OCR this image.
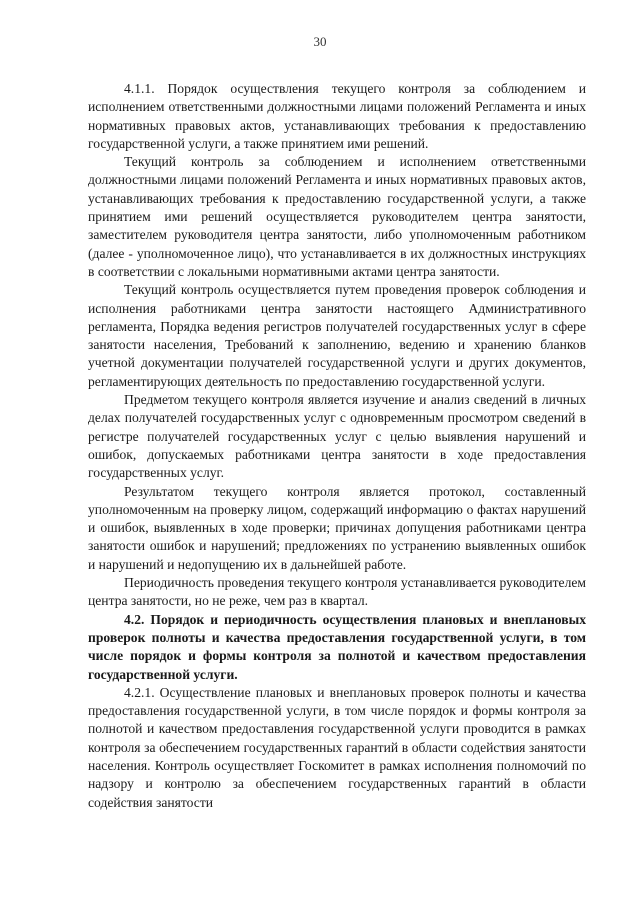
30

4.1.1. Порядок осуществления текущего контроля за соблюдением и исполнением ответственными должностными лицами положений Регламента и иных нормативных правовых актов, устанавливающих требования к предоставлению государственной услуги, а также принятием ими решений.

Текущий контроль за соблюдением и исполнением ответственными должностными лицами положений Регламента и иных нормативных правовых актов, устанавливающих требования к предоставлению государственной услуги, а также принятием ими решений осуществляется руководителем центра занятости, заместителем руководителя центра занятости, либо уполномоченным работником (далее - уполномоченное лицо), что устанавливается в их должностных инструкциях в соответствии с локальными нормативными актами центра занятости.

Текущий контроль осуществляется путем проведения проверок соблюдения и исполнения работниками центра занятости настоящего Административного регламента, Порядка ведения регистров получателей государственных услуг в сфере занятости населения, Требований к заполнению, ведению и хранению бланков учетной документации получателей государственной услуги и других документов, регламентирующих деятельность по предоставлению государственной услуги.

Предметом текущего контроля является изучение и анализ сведений в личных делах получателей государственных услуг с одновременным просмотром сведений в регистре получателей государственных услуг с целью выявления нарушений и ошибок, допускаемых работниками центра занятости в ходе предоставления государственных услуг.

Результатом текущего контроля является протокол, составленный уполномоченным на проверку лицом, содержащий информацию о фактах нарушений и ошибок, выявленных в ходе проверки; причинах допущения работниками центра занятости ошибок и нарушений; предложениях по устранению выявленных ошибок и нарушений и недопущению их в дальнейшей работе.

Периодичность проведения текущего контроля устанавливается руководителем центра занятости, но не реже, чем раз в квартал.

4.2. Порядок и периодичность осуществления плановых и внеплановых проверок полноты и качества предоставления государственной услуги, в том числе порядок и формы контроля за полнотой и качеством предоставления государственной услуги.

4.2.1. Осуществление плановых и внеплановых проверок полноты и качества предоставления государственной услуги, в том числе порядок и формы контроля за полнотой и качеством предоставления государственной услуги проводится в рамках контроля за обеспечением государственных гарантий в области содействия занятости населения. Контроль осуществляет Госкомитет в рамках исполнения полномочий по надзору и контролю за обеспечением государственных гарантий в области содействия занятости
